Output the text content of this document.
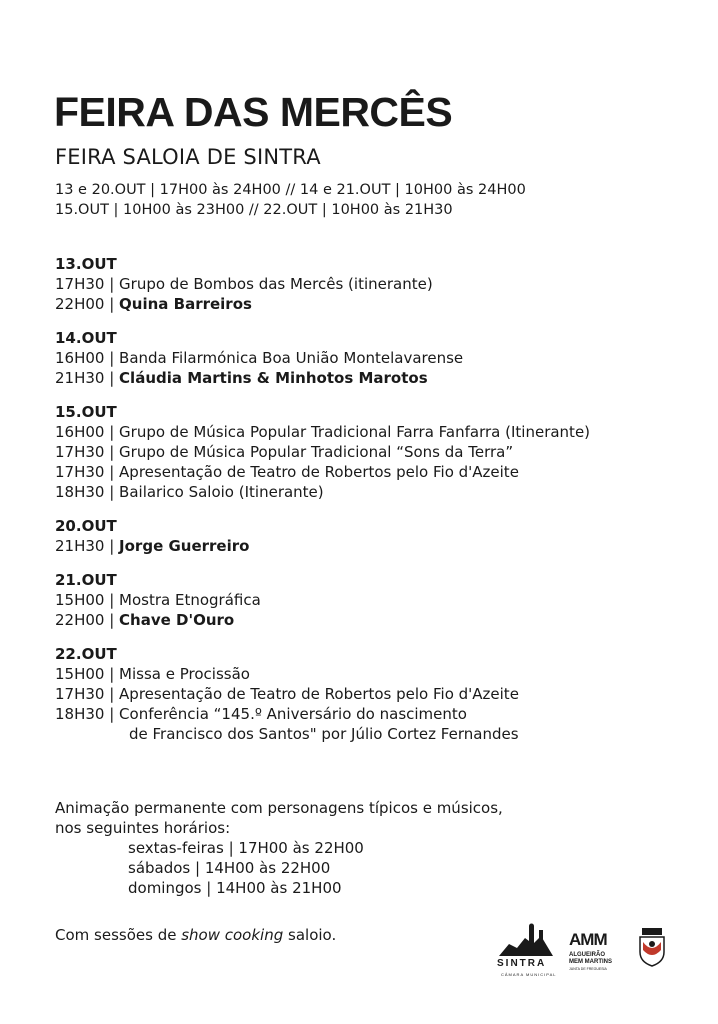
FEIRA DAS MERCÊS
FEIRA SALOIA DE SINTRA
13 e 20.OUT | 17H00 às 24H00 // 14 e 21.OUT | 10H00 às 24H00
15.OUT | 10H00 às 23H00 // 22.OUT | 10H00 às 21H30
13.OUT
17H30 | Grupo de Bombos das Mercês (itinerante)
22H00 | Quina Barreiros
14.OUT
16H00 | Banda Filarmónica Boa União Montelavarense
21H30 | Cláudia Martins & Minhotos Marotos
15.OUT
16H00 | Grupo de Música Popular Tradicional Farra Fanfarra (Itinerante)
17H30 | Grupo de Música Popular Tradicional “Sons da Terra”
17H30 | Apresentação de Teatro de Robertos pelo Fio d'Azeite
18H30 | Bailarico Saloio (Itinerante)
20.OUT
21H30 | Jorge Guerreiro
21.OUT
15H00 | Mostra Etnográfica
22H00 | Chave D'Ouro
22.OUT
15H00 | Missa e Procissão
17H30 | Apresentação de Teatro de Robertos pelo Fio d'Azeite
18H30 | Conferência “145.º Aniversário do nascimento
de Francisco dos Santos" por Júlio Cortez Fernandes
Animação permanente com personagens típicos e músicos,
nos seguintes horários:
sextas-feiras | 17H00 às 22H00
sábados | 14H00 às 22H00
domingos | 14H00 às 21H00
Com sessões de show cooking saloio.
SINTRA
CÂMARA MUNICIPAL
AMM
ALGUEIRÃO
MEM MARTINS
JUNTA DE FREGUESIA
